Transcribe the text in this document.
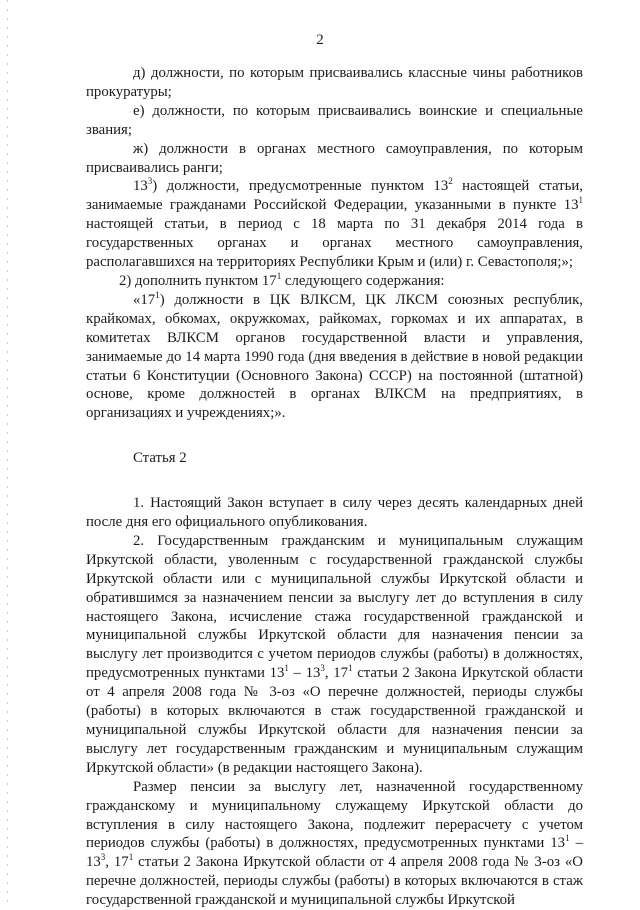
2

д) должности, по которым присваивались классные чины работников прокуратуры;

е) должности, по которым присваивались воинские и специальные звания;

ж) должности в органах местного самоуправления, по которым присваивались ранги;

$13^3$) должности, предусмотренные пунктом $13^2$ настоящей статьи, занимаемые гражданами Российской Федерации, указанными в пункте $13^1$ настоящей статьи, в период с 18 марта по 31 декабря 2014 года в государственных органах и органах местного самоуправления, располагавшихся на территориях Республики Крым и (или) г. Севастополя;»;

2) дополнить пунктом $17^1$ следующего содержания:

«$17^1$) должности в ЦК ВЛКСМ, ЦК ЛКСМ союзных республик, крайкомах, обкомах, окружкомах, райкомах, горкомах и их аппаратах, в комитетах ВЛКСМ органов государственной власти и управления, занимаемые до 14 марта 1990 года (дня введения в действие в новой редакции статьи 6 Конституции (Основного Закона) СССР) на постоянной (штатной) основе, кроме должностей в органах ВЛКСМ на предприятиях, в организациях и учреждениях;».

Статья 2

1. Настоящий Закон вступает в силу через десять календарных дней после дня его официального опубликования.

2. Государственным гражданским и муниципальным служащим Иркутской области, уволенным с государственной гражданской службы Иркутской области или с муниципальной службы Иркутской области и обратившимся за назначением пенсии за выслугу лет до вступления в силу настоящего Закона, исчисление стажа государственной гражданской и муниципальной службы Иркутской области для назначения пенсии за выслугу лет производится с учетом периодов службы (работы) в должностях, предусмотренных пунктами $13^1 - 13^3$, $17^1$ статьи 2 Закона Иркутской области от 4 апреля 2008 года № 3-оз «О перечне должностей, периоды службы (работы) в которых включаются в стаж государственной гражданской и муниципальной службы Иркутской области для назначения пенсии за выслугу лет государственным гражданским и муниципальным служащим Иркутской области» (в редакции настоящего Закона).

Размер пенсии за выслугу лет, назначенной государственному гражданскому и муниципальному служащему Иркутской области до вступления в силу настоящего Закона, подлежит перерасчету с учетом периодов службы (работы) в должностях, предусмотренных пунктами $13^1 - 13^3$, $17^1$ статьи 2 Закона Иркутской области от 4 апреля 2008 года № 3-оз «О перечне должностей, периоды службы (работы) в которых включаются в стаж государственной гражданской и муниципальной службы Иркутской
